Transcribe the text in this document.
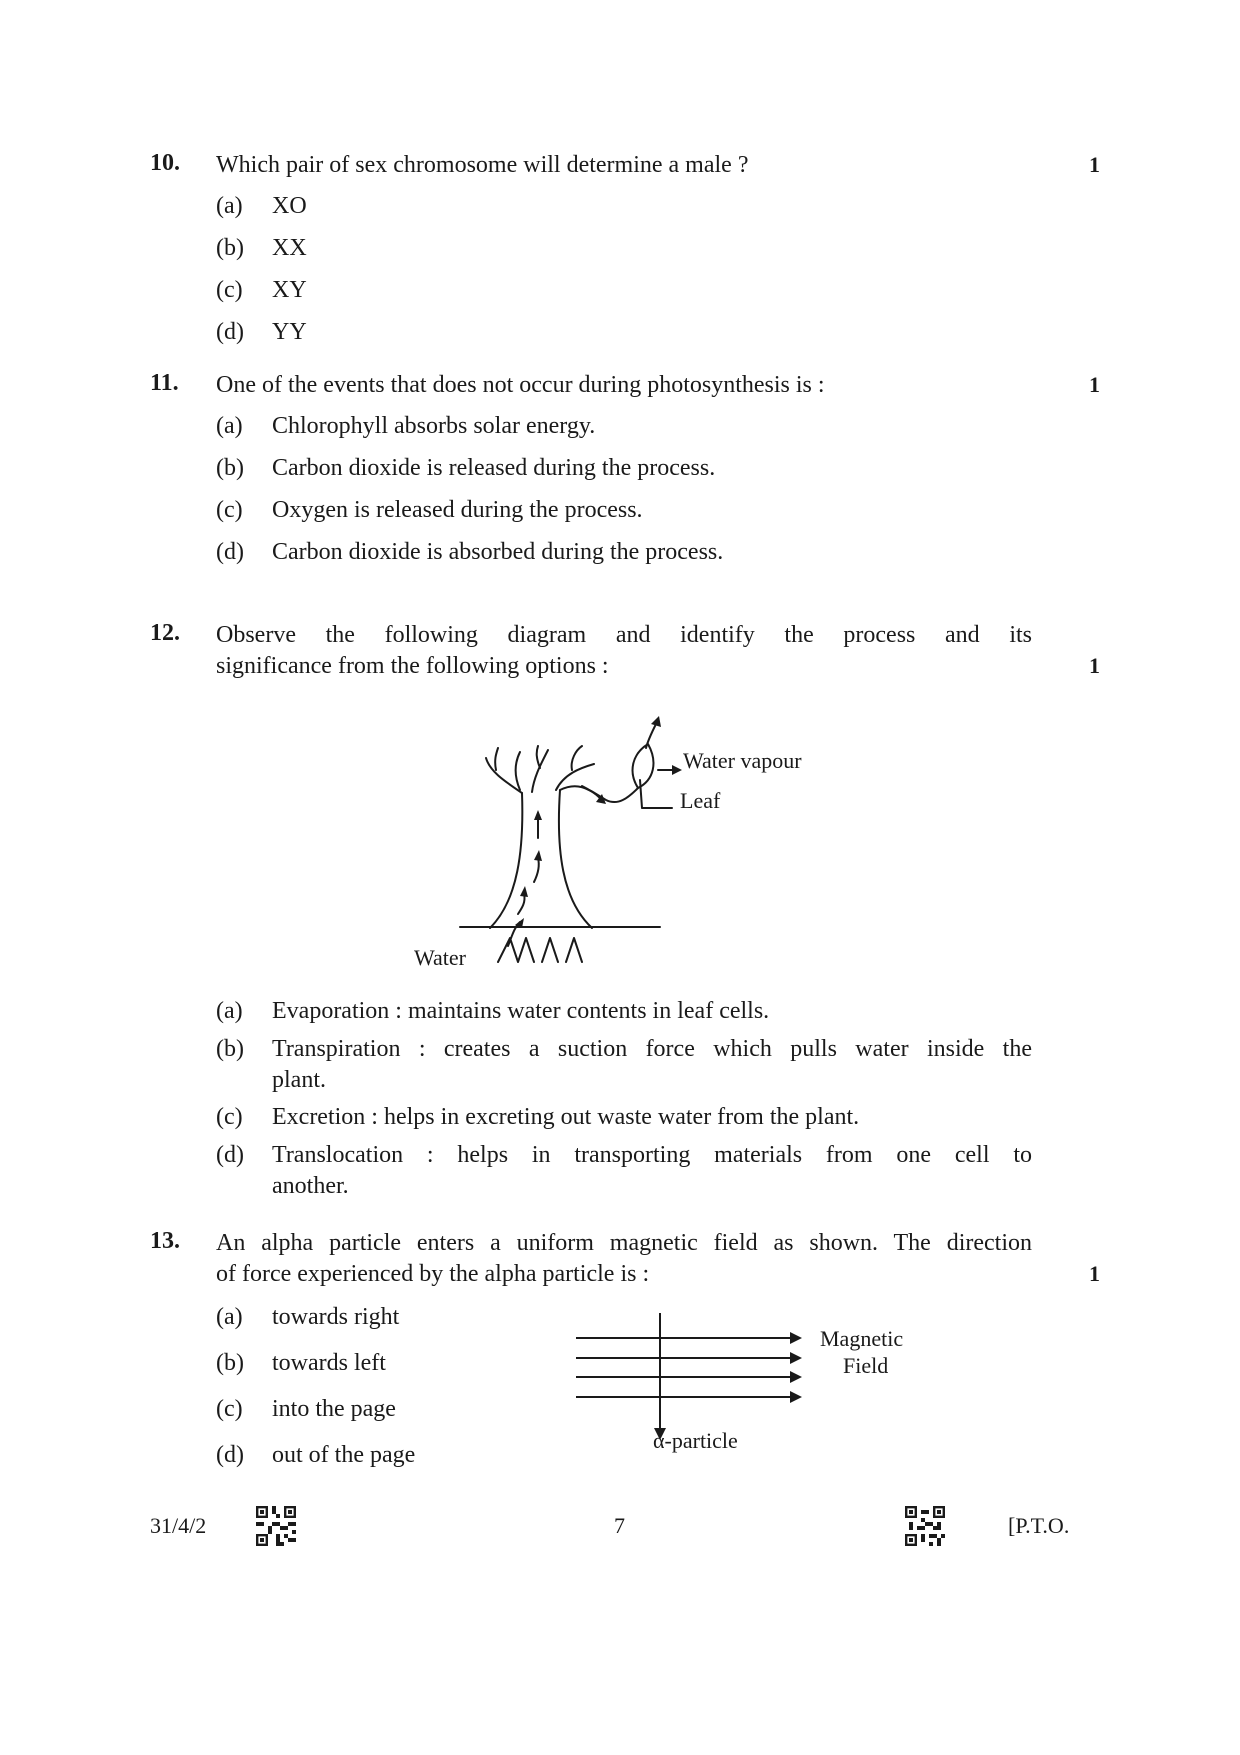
10. Which pair of sex chromosome will determine a male ?	1
(a) XO
(b) XX
(c) XY
(d) YY
11. One of the events that does not occur during photosynthesis is :	1
(a) Chlorophyll absorbs solar energy.
(b) Carbon dioxide is released during the process.
(c) Oxygen is released during the process.
(d) Carbon dioxide is absorbed during the process.
12. Observe the following diagram and identify the process and its
significance from the following options :	1
Water vapour
Leaf
Water
(a) Evaporation : maintains water contents in leaf cells.
(b) Transpiration : creates a suction force which pulls water inside the
plant.
(c) Excretion : helps in excreting out waste water from the plant.
(d) Translocation : helps in transporting materials from one cell to
another.
13. An alpha particle enters a uniform magnetic field as shown. The direction
of force experienced by the alpha particle is :	1
(a) towards right
(b) towards left
(c) into the page
(d) out of the page
Magnetic
Field
α-particle
31/4/2	7	[P.T.O.
